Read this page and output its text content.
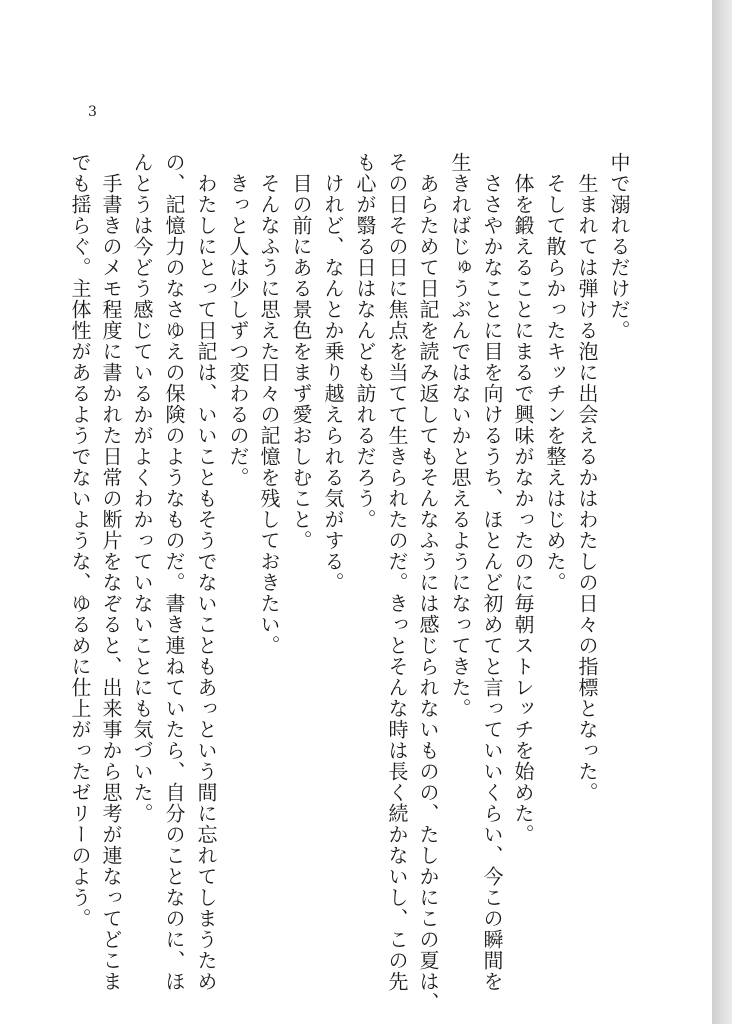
3
中で溺れるだけだ。
　生まれては弾ける泡に出会えるかはわたしの日々の指標となった。
　そして散らかったキッチンを整えはじめた。
　体を鍛えることにまるで興味がなかったのに毎朝ストレッチを始めた。
　ささやかなことに目を向けるうち、ほとんど初めてと言っていいくらい、今この瞬間を
生きればじゅうぶんではないかと思えるようになってきた。
　あらためて日記を読み返してもそんなふうには感じられないものの、たしかにこの夏は、
その日その日に焦点を当てて生きられたのだ。きっとそんな時は長く続かないし、この先
も心が翳る日はなんども訪れるだろう。
　けれど、なんとか乗り越えられる気がする。
　目の前にある景色をまず愛おしむこと。
　そんなふうに思えた日々の記憶を残しておきたい。
　きっと人は少しずつ変わるのだ。
　わたしにとって日記は、いいこともそうでないこともあっという間に忘れてしまうため
の、記憶力のなさゆえの保険のようなものだ。書き連ねていたら、自分のことなのに、ほ
んとうは今どう感じているかがよくわかっていないことにも気づいた。
　手書きのメモ程度に書かれた日常の断片をなぞると、出来事から思考が連なってどこま
でも揺らぐ。主体性があるようでないような、ゆるめに仕上がったゼリーのよう。
